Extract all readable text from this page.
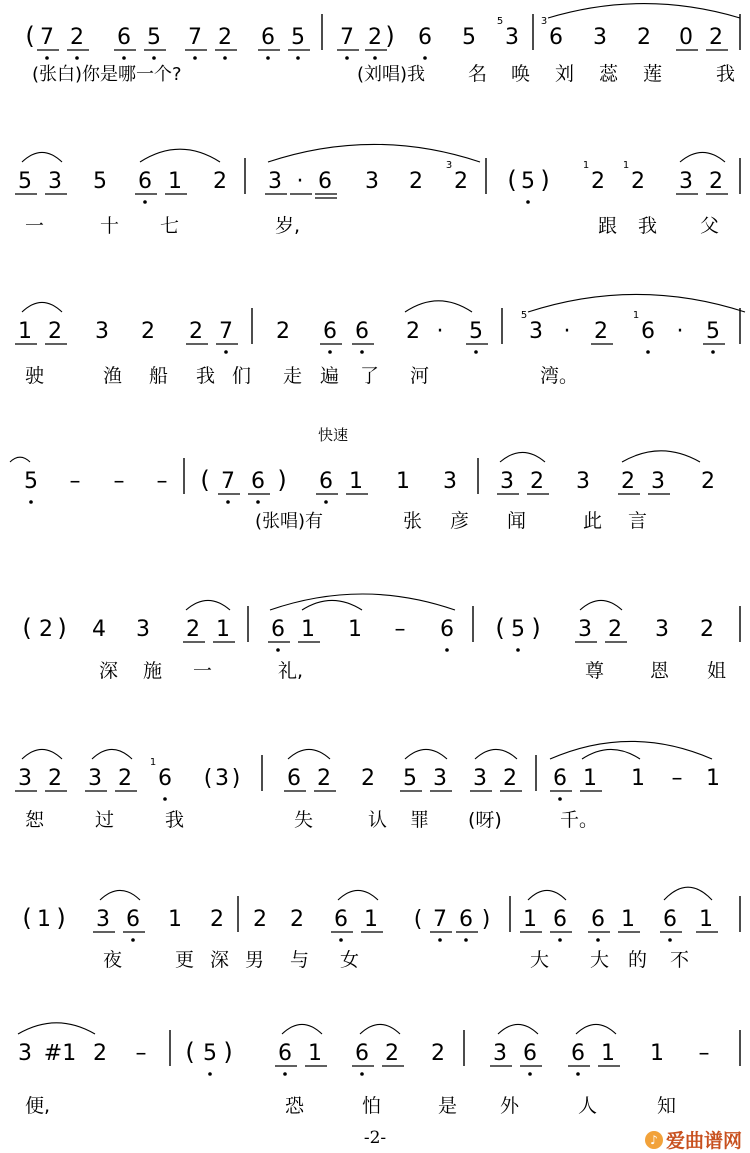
( 7 2 6 5 7 2 6 5 7 2 ) 6 5 3
5
6
3
3 2 0 2
(张白)你是哪一个?	(刘唱)我 名 唤 刘 蕊 莲	我
5 3 5 6 1 2 3 · 6 3 2 2
3
( 5 ) 2
1
2
1
3 2
一	十 七	岁,	跟 我 父
1 2 3 2 2 7 2 6 6 2 · 5 3
5
· 2 6
1
· 5
驶	渔 船 我 们 走 遍 了 河	湾。
5 – – – ( 7 6 ) 6 1 1 3 3 2 3 2 3 2
(张唱)有	张 彦 闻	此 言
( 2 ) 4 3 2 1 6 1 1 – 6 ( 5 ) 3 2 3 2
深 施 一	礼,	尊 恩 姐
3 2 3 2 6
1
( 3 ) 6 2 2 5 3 3 2 6 1 1 – 1
恕	过	我	失	认 罪 (呀)	千。
( 1 ) 3 6 1 2 2 2 6 1 ( 7 6 ) 1 6 6 1 6 1
夜	更 深 男 与 女	大 大 的 不
3 #1 2 – ( 5 ) 6 1 6 2 2 3 6 6 1 1 –
便,	恐	怕	是 外	人	知
快速
-2-	♪ 爱曲谱网
